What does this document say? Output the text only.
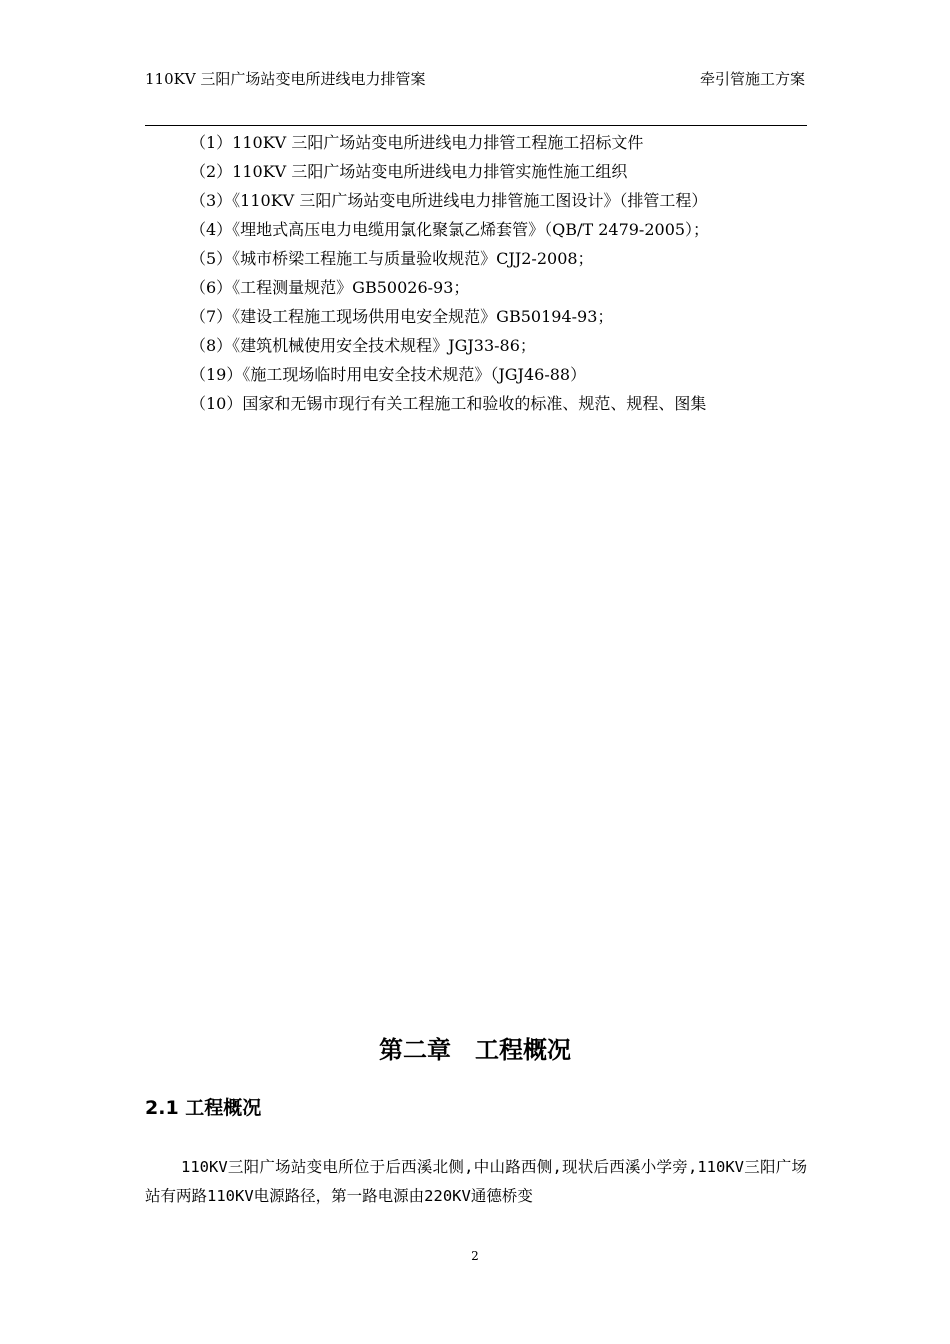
110KV 三阳广场站变电所进线电力排管案	牵引管施工方案
（1）110KV 三阳广场站变电所进线电力排管工程施工招标文件
（2）110KV 三阳广场站变电所进线电力排管实施性施工组织
（3）《110KV 三阳广场站变电所进线电力排管施工图设计》（排管工程）
（4）《埋地式高压电力电缆用氯化聚氯乙烯套管》（QB/T 2479-2005）；
（5）《城市桥梁工程施工与质量验收规范》CJJ2-2008；
（6）《工程测量规范》GB50026-93；
（7）《建设工程施工现场供用电安全规范》GB50194-93；
（8）《建筑机械使用安全技术规程》JGJ33-86；
（19）《施工现场临时用电安全技术规范》（JGJ46-88）
（10）国家和无锡市现行有关工程施工和验收的标准、规范、规程、图集
第二章　工程概况
2.1 工程概况
110KV三阳广场站变电所位于后西溪北侧,中山路西侧,现状后西溪小学旁,110KV三阳广场站有两路110KV电源路径，第一路电源由220KV通德桥变
2
